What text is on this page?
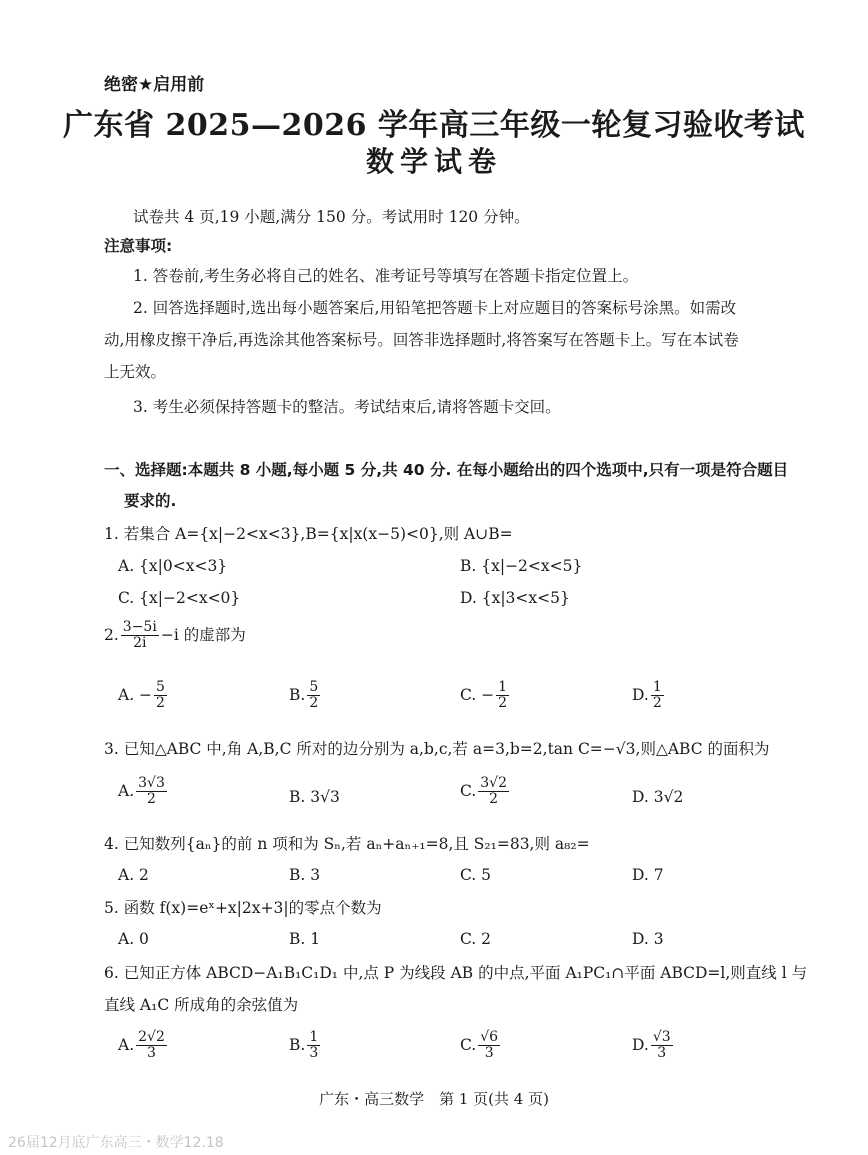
绝密★启用前
广东省 2025—2026 学年高三年级一轮复习验收考试
数学试卷
试卷共 4 页,19 小题,满分 150 分。考试用时 120 分钟。
注意事项:
1. 答卷前,考生务必将自己的姓名、准考证号等填写在答题卡指定位置上。
2. 回答选择题时,选出每小题答案后,用铅笔把答题卡上对应题目的答案标号涂黑。如需改
动,用橡皮擦干净后,再选涂其他答案标号。回答非选择题时,将答案写在答题卡上。写在本试卷
上无效。
3. 考生必须保持答题卡的整洁。考试结束后,请将答题卡交回。
一、选择题:本题共 8 小题,每小题 5 分,共 40 分. 在每小题给出的四个选项中,只有一项是符合题目
要求的.
1. 若集合 A={x|−2<x<3},B={x|x(x−5)<0},则 A∪B=
A. {x|0<x<3}	B. {x|−2<x<5}
C. {x|−2<x<0}	D. {x|3<x<5}
2. $\frac{3-5i}{2i} -i$ 的虚部为
A. − $\frac{5}{2}$	B. $\frac{5}{2}$	C. − $\frac{1}{2}$	D. $\frac{1}{2}$
3. 已知△ABC 中,角 A,B,C 所对的边分别为 a,b,c,若 a=3,b=2,tan C=−√3,则△ABC 的面积为
A. $\frac{3√3}{2}$	B. 3√3	C. $\frac{3√2}{2}$	D. 3√2
4. 已知数列{aₙ}的前 n 项和为 Sₙ,若 aₙ+aₙ₊₁=8,且 S₂₁=83,则 a₈₂=
A. 2	B. 3	C. 5	D. 7
5. 函数 f(x)=eˣ+x|2x+3|的零点个数为
A. 0	B. 1	C. 2	D. 3
6. 已知正方体 ABCD−A₁B₁C₁D₁ 中,点 P 为线段 AB 的中点,平面 A₁PC₁∩平面 ABCD=l,则直线 l 与
直线 A₁C 所成角的余弦值为
A. $\frac{2√2}{3}$	B. $\frac{1}{3}$	C. $\frac{√6}{3}$	D. $\frac{√3}{3}$
广东・高三数学　第 1 页(共 4 页)
26届12月底广东高三・数学12.18
